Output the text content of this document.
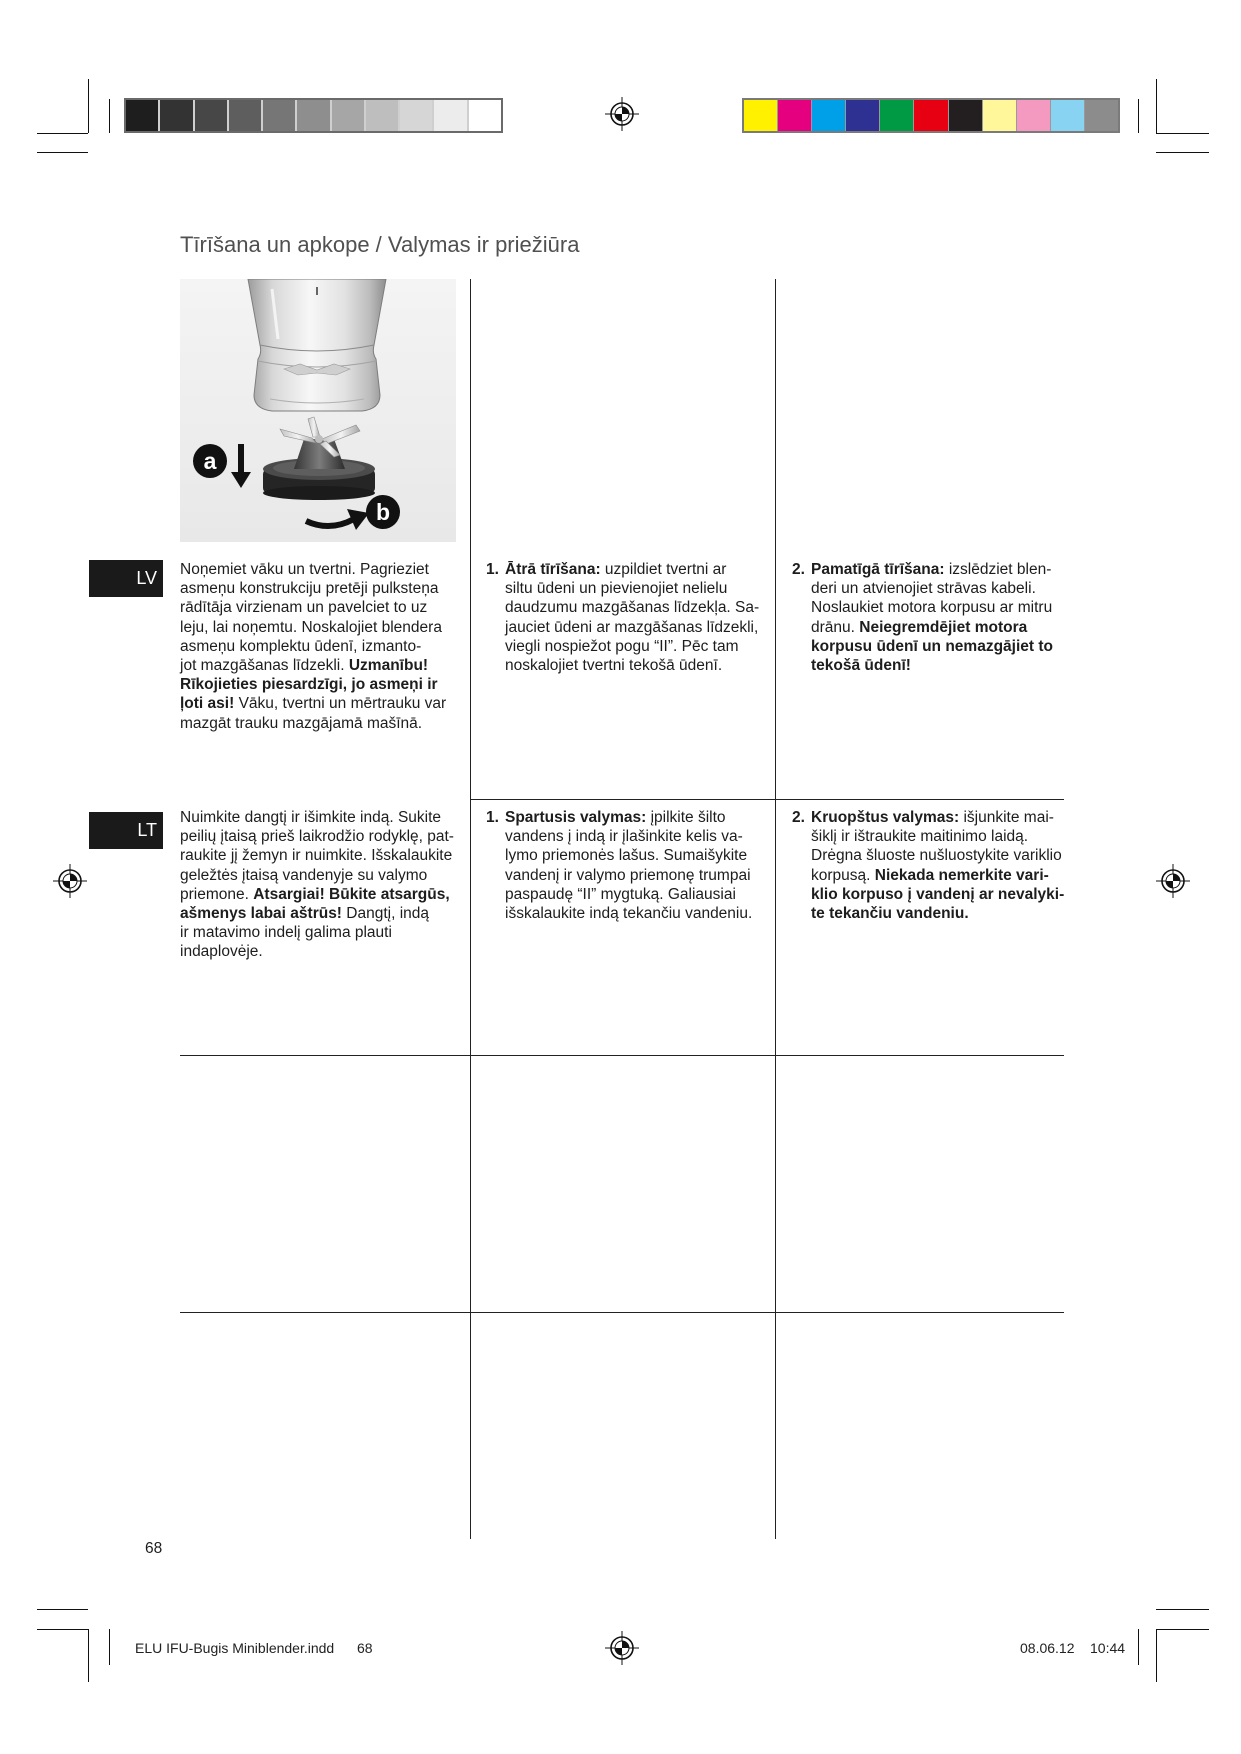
Tīrīšana un apkope / Valymas ir priežiūra
a
b
LV	Noņemiet vāku un tvertni. Pagrieziet
asmeņu konstrukciju pretēji pulksteņa
rādītāja virzienam un pavelciet to uz
leju, lai noņemtu. Noskalojiet blendera
asmeņu komplektu ūdenī, izmanto-
jot mazgāšanas līdzekli. Uzmanību!
Rīkojieties piesardzīgi, jo asmeņi ir
ļoti asi! Vāku, tvertni un mērtrauku var
mazgāt trauku mazgājamā mašīnā.
1. Ātrā tīrīšana: uzpildiet tvertni ar
siltu ūdeni un pievienojiet nelielu
daudzumu mazgāšanas līdzekļa. Sa-
jauciet ūdeni ar mazgāšanas līdzekli,
viegli nospiežot pogu “II”. Pēc tam
noskalojiet tvertni tekošā ūdenī.
2. Pamatīgā tīrīšana: izslēdziet blen-
deri un atvienojiet strāvas kabeli.
Noslaukiet motora korpusu ar mitru
drānu. Neiegremdējiet motora
korpusu ūdenī un nemazgājiet to
tekošā ūdenī!
LT
Nuimkite dangtį ir išimkite indą. Sukite
peilių įtaisą prieš laikrodžio rodyklę, pat-
raukite jį žemyn ir nuimkite. Išskalaukite
geležtės įtaisą vandenyje su valymo
priemone. Atsargiai! Būkite atsargūs,
ašmenys labai aštrūs! Dangtį, indą
ir matavimo indelį galima plauti
indaplovėje.
1. Spartusis valymas: įpilkite šilto
vandens į indą ir įlašinkite kelis va-
lymo priemonės lašus. Sumaišykite
vandenį ir valymo priemonę trumpai
paspaudę “II” mygtuką. Galiausiai
išskalaukite indą tekančiu vandeniu.
2. Kruopštus valymas: išjunkite mai-
šiklį ir ištraukite maitinimo laidą.
Drėgna šluoste nušluostykite variklio
korpusą. Niekada nemerkite vari-
klio korpuso į vandenį ar nevalyki-
te tekančiu vandeniu.
68
ELU IFU-Bugis Miniblender.indd 68	08.06.12 10:44
